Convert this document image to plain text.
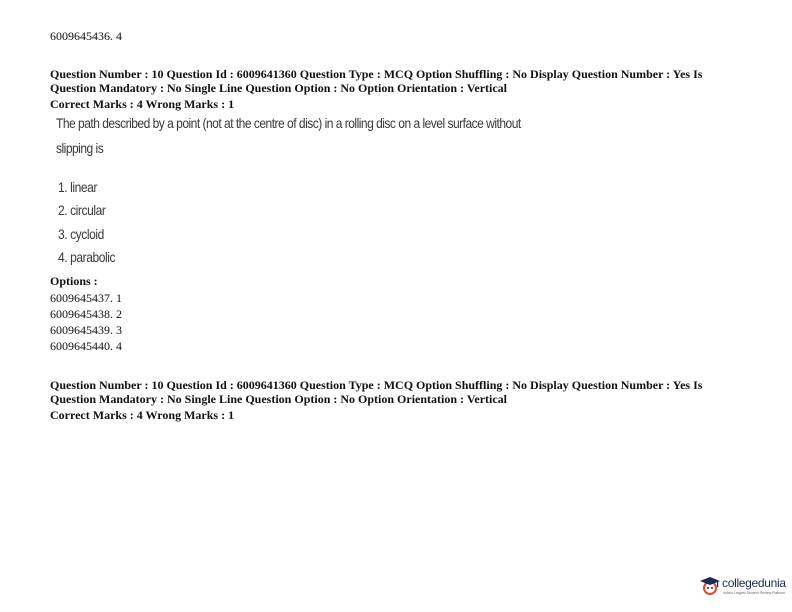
6009645436. 4
Question Number : 10 Question Id : 6009641360 Question Type : MCQ Option Shuffling : No Display Question Number : Yes Is
Question Mandatory : No Single Line Question Option : No Option Orientation : Vertical
Correct Marks : 4 Wrong Marks : 1
The path described by a point (not at the centre of disc) in a rolling disc on a level surface without
slipping is
1. linear
2. circular
3. cycloid
4. parabolic
Options :
6009645437. 1
6009645438. 2
6009645439. 3
6009645440. 4
Question Number : 10 Question Id : 6009641360 Question Type : MCQ Option Shuffling : No Display Question Number : Yes Is
Question Mandatory : No Single Line Question Option : No Option Orientation : Vertical
Correct Marks : 4 Wrong Marks : 1
collegedunia
India's Largest Student Review Platform
